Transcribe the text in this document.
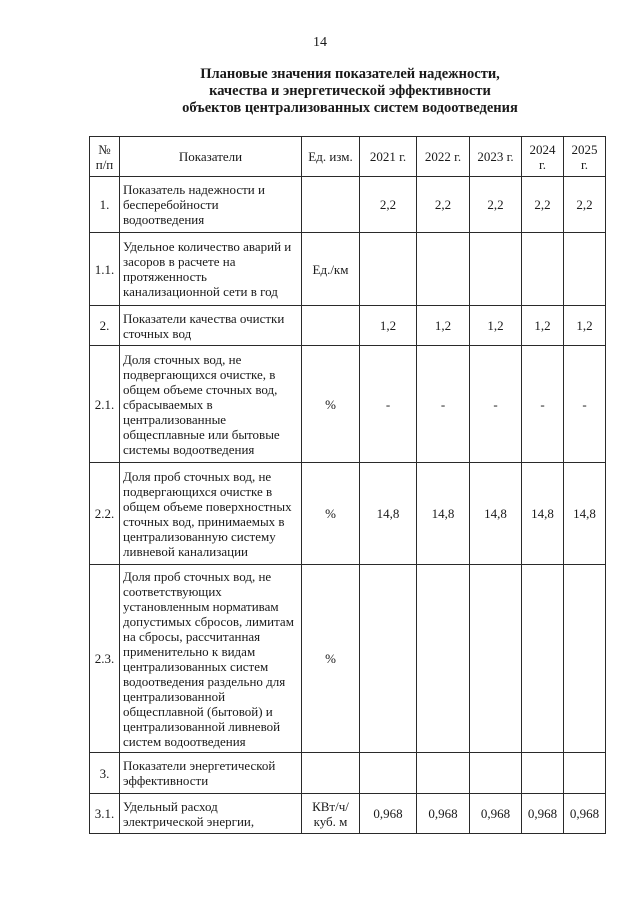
14
Плановые значения показателей надежности,
качества и энергетической эффективности
объектов централизованных систем водоотведения
№ п/п	Показатели	Ед. изм.	2021 г.	2022 г.	2023 г.	2024 г.	2025 г.
1.	Показатель надежности и бесперебойности водоотведения		2,2	2,2	2,2	2,2	2,2
1.1.	Удельное количество аварий и засоров в расчете на протяженность канализационной сети в год	Ед./км					
2.	Показатели качества очистки сточных вод		1,2	1,2	1,2	1,2	1,2
2.1.	Доля сточных вод, не подвергающихся очистке, в общем объеме сточных вод, сбрасываемых в централизованные общесплавные или бытовые системы водоотведения	%	-	-	-	-	-
2.2.	Доля проб сточных вод, не подвергающихся очистке в общем объеме поверхностных сточных вод, принимаемых в централизованную систему ливневой канализации	%	14,8	14,8	14,8	14,8	14,8
2.3.	Доля проб сточных вод, не соответствующих установленным нормативам допустимых сбросов, лимитам на сбросы, рассчитанная применительно к видам централизованных систем водоотведения раздельно для централизованной общесплавной (бытовой) и централизованной ливневой систем водоотведения	%					
3.	Показатели энергетической эффективности						
3.1.	Удельный расход электрической энергии,	КВт/ч/куб. м	0,968	0,968	0,968	0,968	0,968
